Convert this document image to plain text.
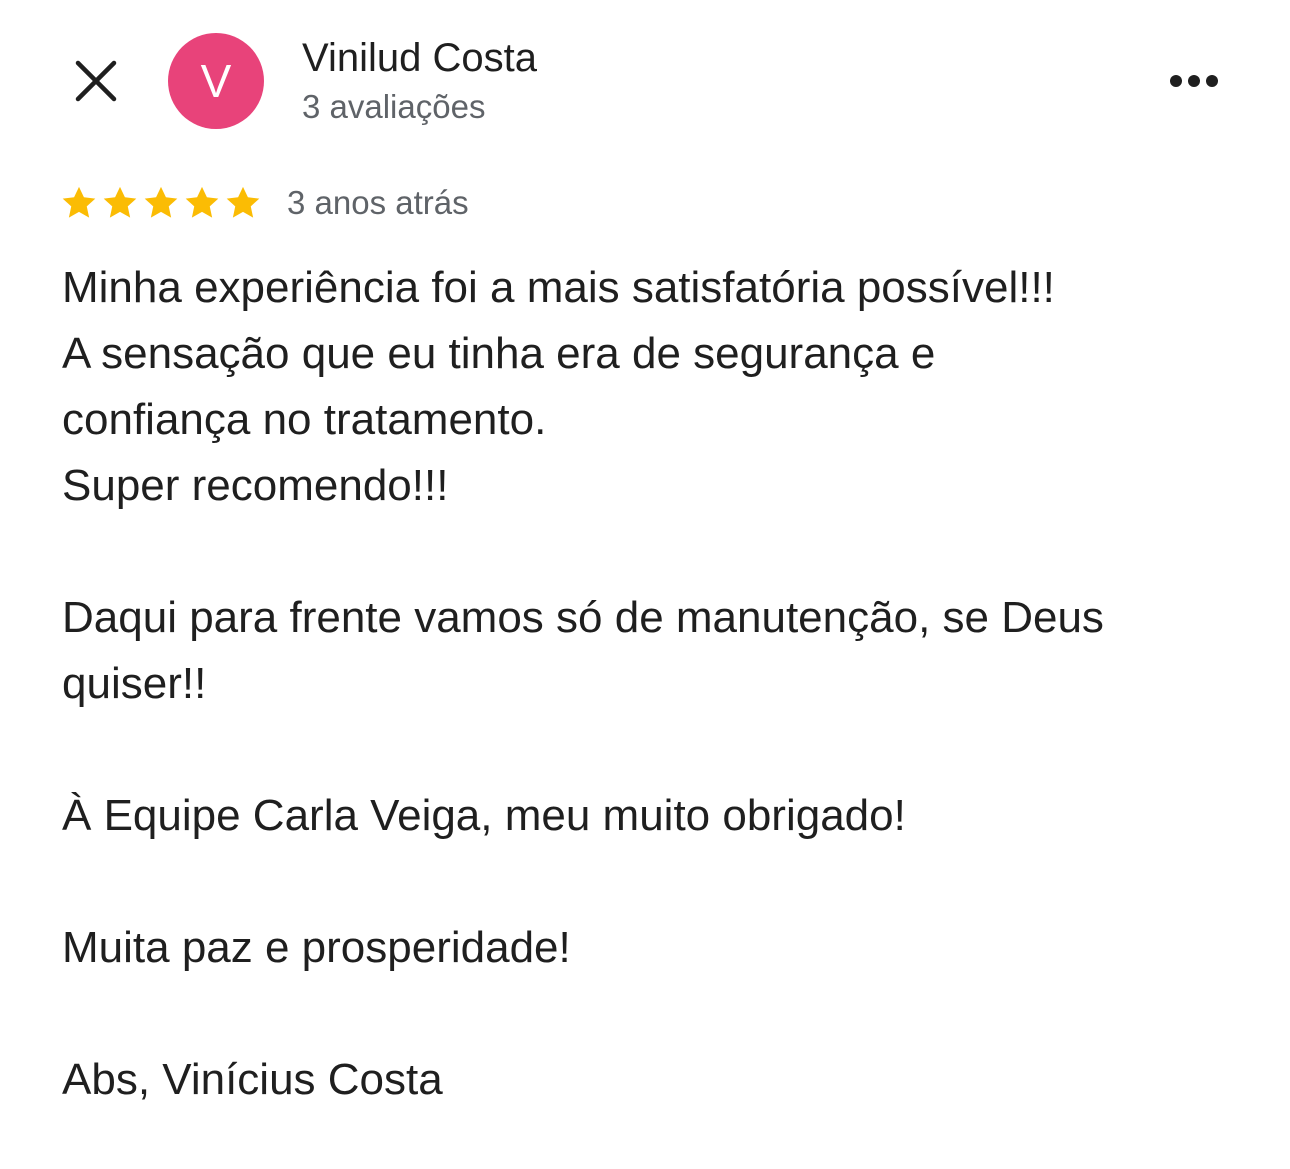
V Vinilud Costa
3 avaliações
3 anos atrás
Minha experiência foi a mais satisfatória possível!!!
A sensação que eu tinha era de segurança e
confiança no tratamento.
Super recomendo!!!
Daqui para frente vamos só de manutenção, se Deus
quiser!!
À Equipe Carla Veiga, meu muito obrigado!
Muita paz e prosperidade!
Abs, Vinícius Costa
